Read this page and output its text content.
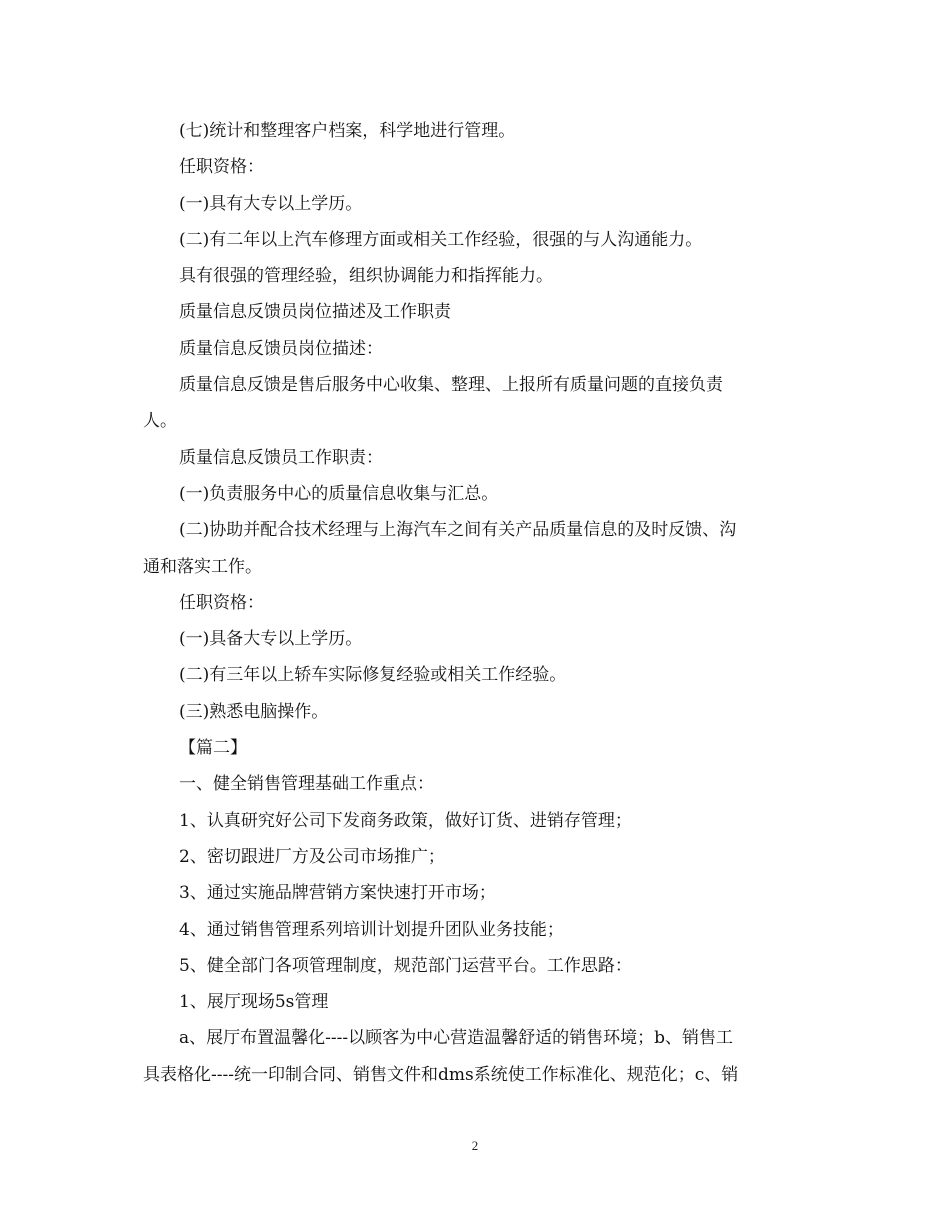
(七)统计和整理客户档案，科学地进行管理。
任职资格：
(一)具有大专以上学历。
(二)有二年以上汽车修理方面或相关工作经验，很强的与人沟通能力。
具有很强的管理经验，组织协调能力和指挥能力。
质量信息反馈员岗位描述及工作职责
质量信息反馈员岗位描述：
质量信息反馈是售后服务中心收集、整理、上报所有质量问题的直接负责
人。
质量信息反馈员工作职责：
(一)负责服务中心的质量信息收集与汇总。
(二)协助并配合技术经理与上海汽车之间有关产品质量信息的及时反馈、沟
通和落实工作。
任职资格：
(一)具备大专以上学历。
(二)有三年以上轿车实际修复经验或相关工作经验。
(三)熟悉电脑操作。
【篇二】
一、健全销售管理基础工作重点：
1、认真研究好公司下发商务政策，做好订货、进销存管理；
2、密切跟进厂方及公司市场推广；
3、通过实施品牌营销方案快速打开市场；
4、通过销售管理系列培训计划提升团队业务技能；
5、健全部门各项管理制度，规范部门运营平台。工作思路：
1、展厅现场5s管理
a、展厅布置温馨化----以顾客为中心营造温馨舒适的销售环境；b、销售工
具表格化----统一印制合同、销售文件和dms系统使工作标准化、规范化；c、销
2
